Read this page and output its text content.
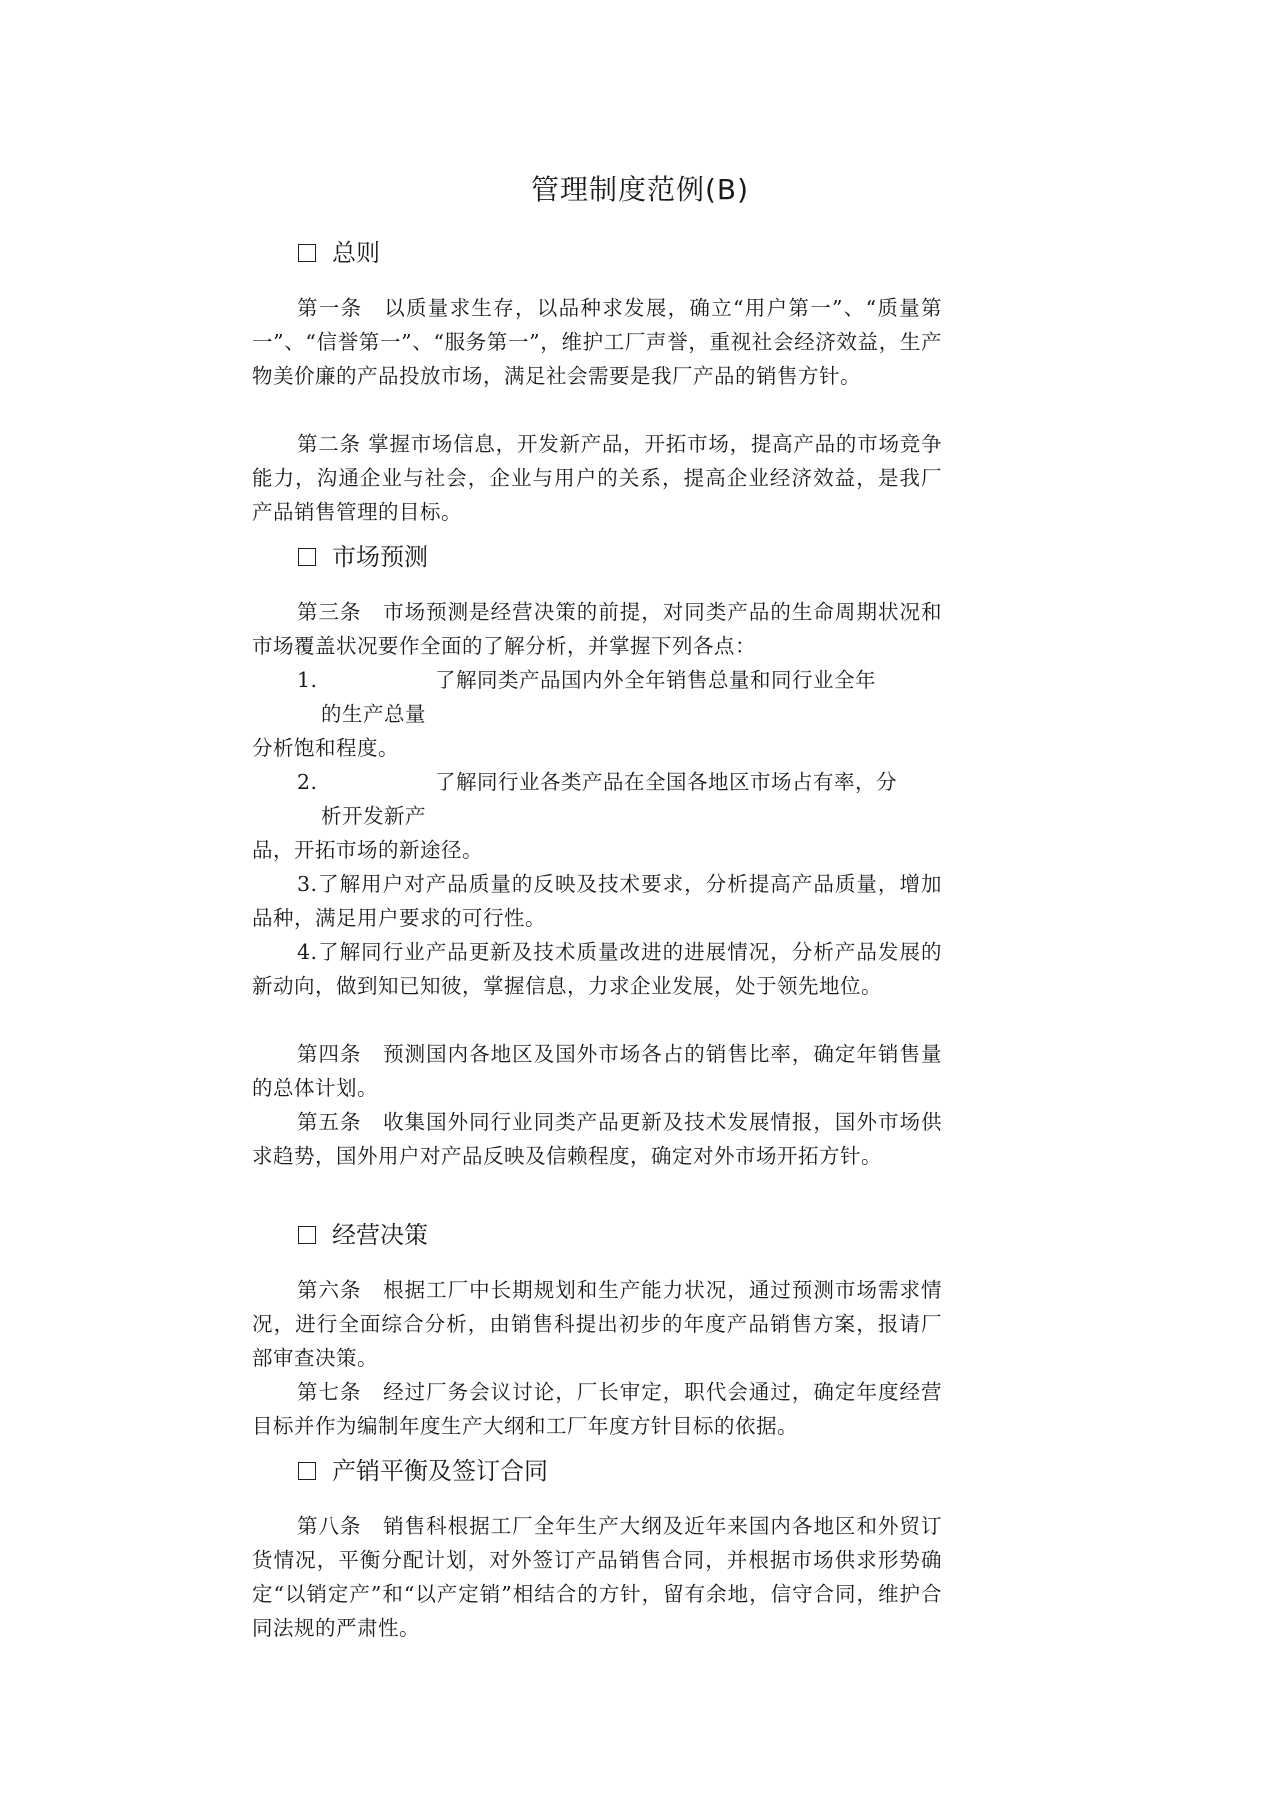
管理制度范例(B)
总则
第一条　以质量求生存，以品种求发展，确立“用户第一”、“质量第一”、“信誉第一”、“服务第一”，维护工厂声誉，重视社会经济效益，生产物美价廉的产品投放市场，满足社会需要是我厂产品的销售方针。
第二条 掌握市场信息，开发新产品，开拓市场，提高产品的市场竞争能力，沟通企业与社会，企业与用户的关系，提高企业经济效益，是我厂产品销售管理的目标。
市场预测
第三条　市场预测是经营决策的前提，对同类产品的生命周期状况和市场覆盖状况要作全面的了解分析，并掌握下列各点：
1.	了解同类产品国内外全年销售总量和同行业全年
的生产总量
分析饱和程度。
2.	了解同行业各类产品在全国各地区市场占有率，分
析开发新产
品，开拓市场的新途径。
3.了解用户对产品质量的反映及技术要求，分析提高产品质量，增加品种，满足用户要求的可行性。
4.了解同行业产品更新及技术质量改进的进展情况，分析产品发展的新动向，做到知已知彼，掌握信息，力求企业发展，处于领先地位。
第四条　预测国内各地区及国外市场各占的销售比率，确定年销售量的总体计划。
第五条　收集国外同行业同类产品更新及技术发展情报，国外市场供求趋势，国外用户对产品反映及信赖程度，确定对外市场开拓方针。
经营决策
第六条　根据工厂中长期规划和生产能力状况，通过预测市场需求情况，进行全面综合分析，由销售科提出初步的年度产品销售方案，报请厂部审查决策。
第七条　经过厂务会议讨论，厂长审定，职代会通过，确定年度经营目标并作为编制年度生产大纲和工厂年度方针目标的依据。
产销平衡及签订合同
第八条　销售科根据工厂全年生产大纲及近年来国内各地区和外贸订货情况，平衡分配计划，对外签订产品销售合同，并根据市场供求形势确定“以销定产”和“以产定销”相结合的方针，留有余地，信守合同，维护合同法规的严肃性。
